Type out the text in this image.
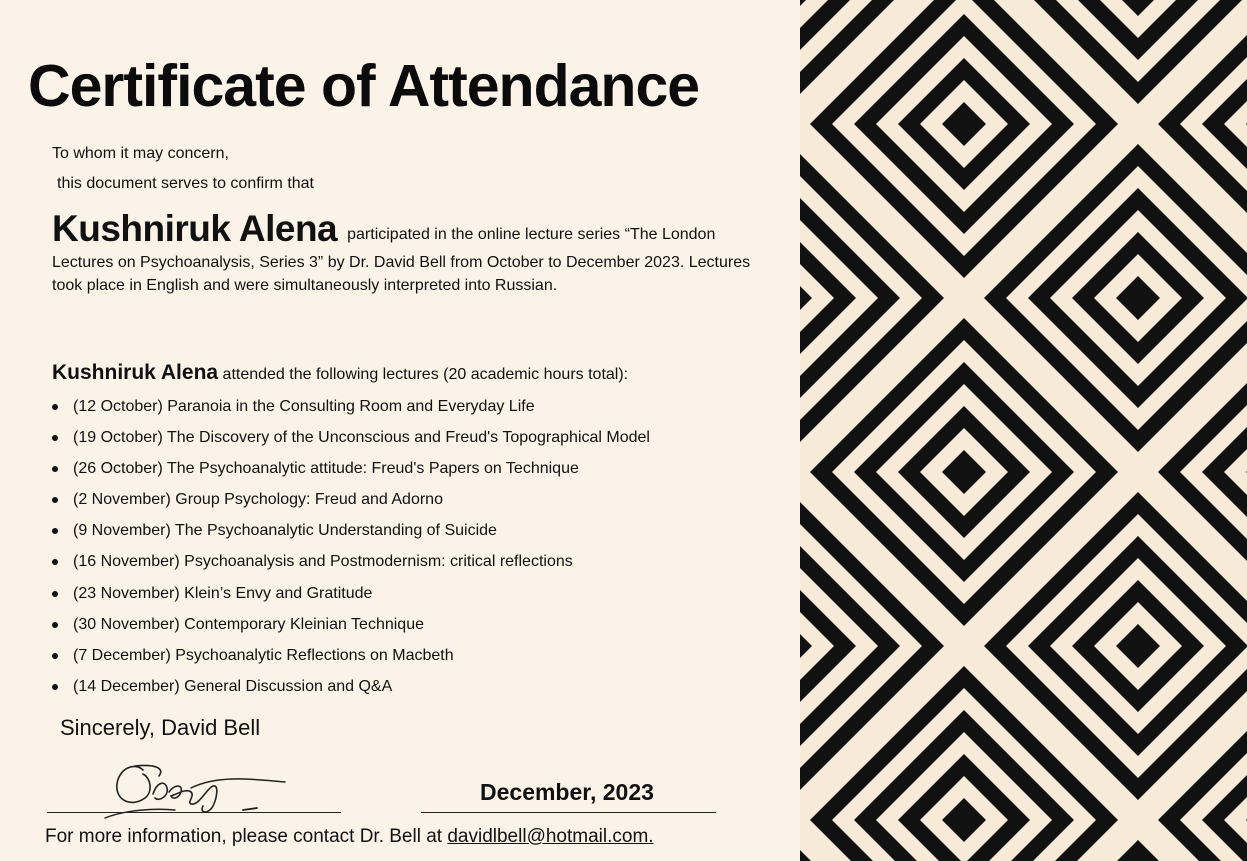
Certificate of Attendance
To whom it may concern,
this document serves to confirm that
Kushniruk Alena participated in the online lecture series “The London Lectures on Psychoanalysis, Series 3” by Dr. David Bell from October to December 2023. Lectures took place in English and were simultaneously interpreted into Russian.
Kushniruk Alena attended the following lectures (20 academic hours total):
(12 October) Paranoia in the Consulting Room and Everyday Life
(19 October) The Discovery of the Unconscious and Freud's Topographical Model
(26 October) The Psychoanalytic attitude: Freud's Papers on Technique
(2 November) Group Psychology: Freud and Adorno
(9 November) The Psychoanalytic Understanding of Suicide
(16 November) Psychoanalysis and Postmodernism: critical reflections
(23 November) Klein’s Envy and Gratitude
(30 November) Contemporary Kleinian Technique
(7 December) Psychoanalytic Reflections on Macbeth
(14 December) General Discussion and Q&A
Sincerely, David Bell
December, 2023
For more information, please contact Dr. Bell at davidlbell@hotmail.com.
